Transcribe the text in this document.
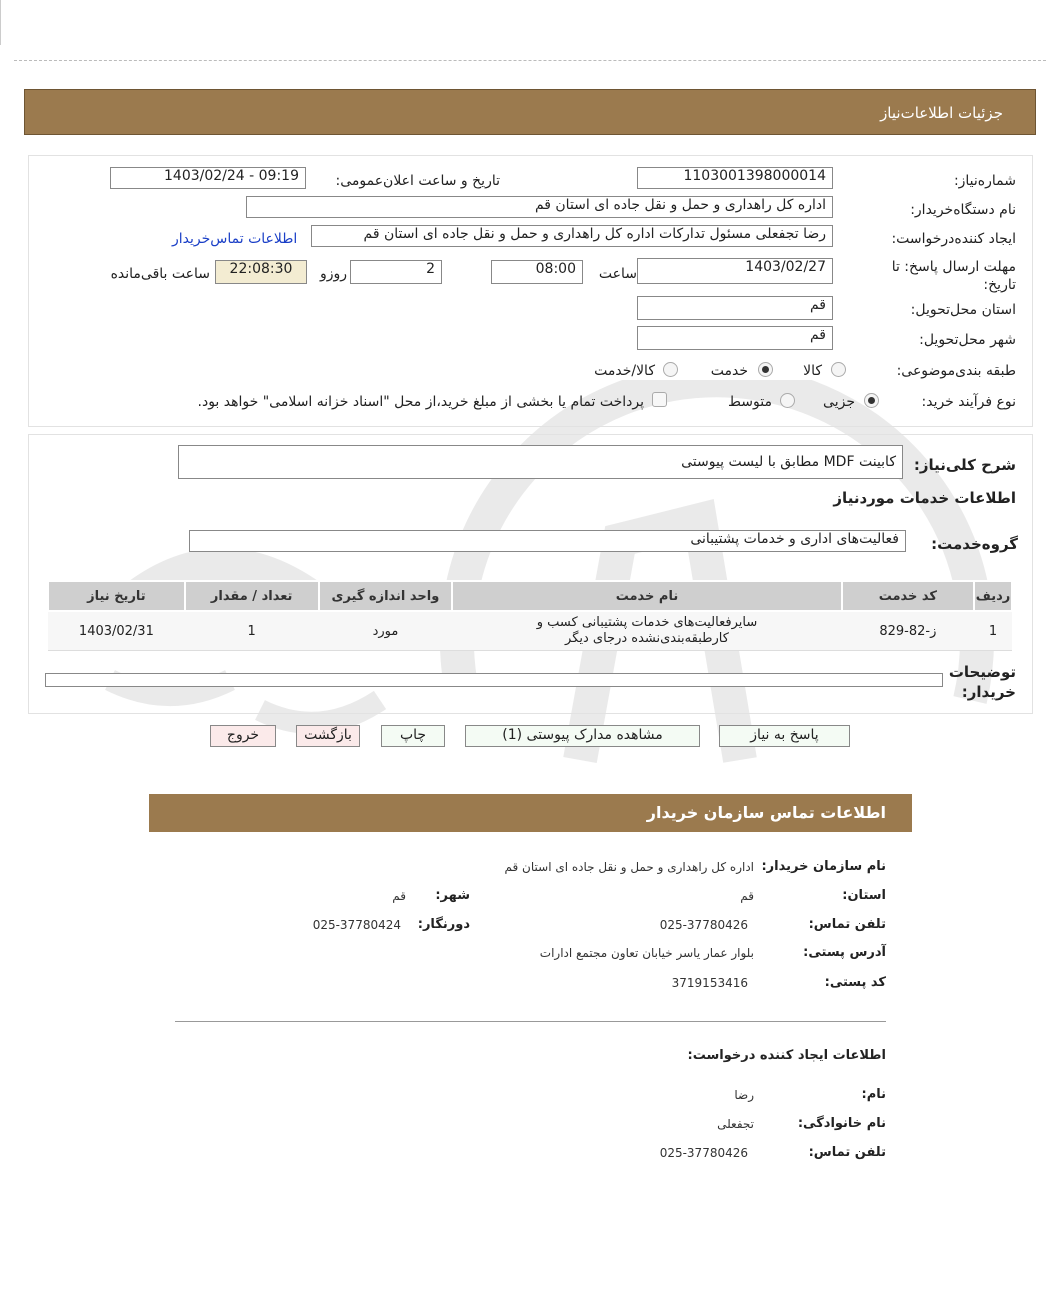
جزئیات اطلاعات‌نیاز
شماره‌نیاز:
1103001398000014
تاریخ و ساعت اعلان‌عمومی:
1403/02/24 - 09:19
نام دستگاه‌خریدار:
اداره کل راهداری و حمل و نقل جاده ای استان قم
ایجاد کننده‌درخواست:
رضا تجفعلی مسئول تدارکات اداره کل راهداری و حمل و نقل جاده ای استان قم
اطلاعات تماس‌خریدار
مهلت ارسال پاسخ: تا تاریخ:
1403/02/27
ساعت
08:00
2
روزو
22:08:30
ساعت باقی‌مانده
استان محل‌تحویل:
قم
شهر محل‌تحویل:
قم
طبقه بندی‌موضوعی:
کالا
خدمت
کالا/خدمت
نوع فرآیند خرید:
جزیی
متوسط
پرداخت تمام یا بخشی از مبلغ خرید،از محل "اسناد خزانه اسلامی" خواهد بود.
شرح کلی‌نیاز:
کابینت MDF مطابق با لیست پیوستی
اطلاعات خدمات موردنیاز
گروه‌خدمت:
فعالیت‌های اداری و خدمات پشتیبانی
ردیف	کد خدمت	نام خدمت	واحد اندازه گیری	تعداد / مقدار	تاریخ نیاز
1	ز-82-829	سایرفعالیت‌های خدمات پشتیبانی کسب و
کارطبقه‌بندی‌نشده درجای دیگر	مورد	1	1403/02/31
توضیحات
خریدار:
پاسخ به نیاز
مشاهده مدارک پیوستی (1)
چاپ
بازگشت
خروج
اطلاعات تماس سازمان خریدار
نام سازمان خریدار:
اداره کل راهداری و حمل و نقل جاده ای استان قم
استان:
قم
شهر:
قم
تلفن تماس:
025-37780426
دورنگار:
025-37780424
آدرس پستی:
بلوار عمار یاسر خیابان تعاون مجتمع ادارات
کد پستی:
3719153416
اطلاعات ایجاد کننده درخواست:
نام:
رضا
نام خانوادگی:
تجفعلی
تلفن تماس:
025-37780426
